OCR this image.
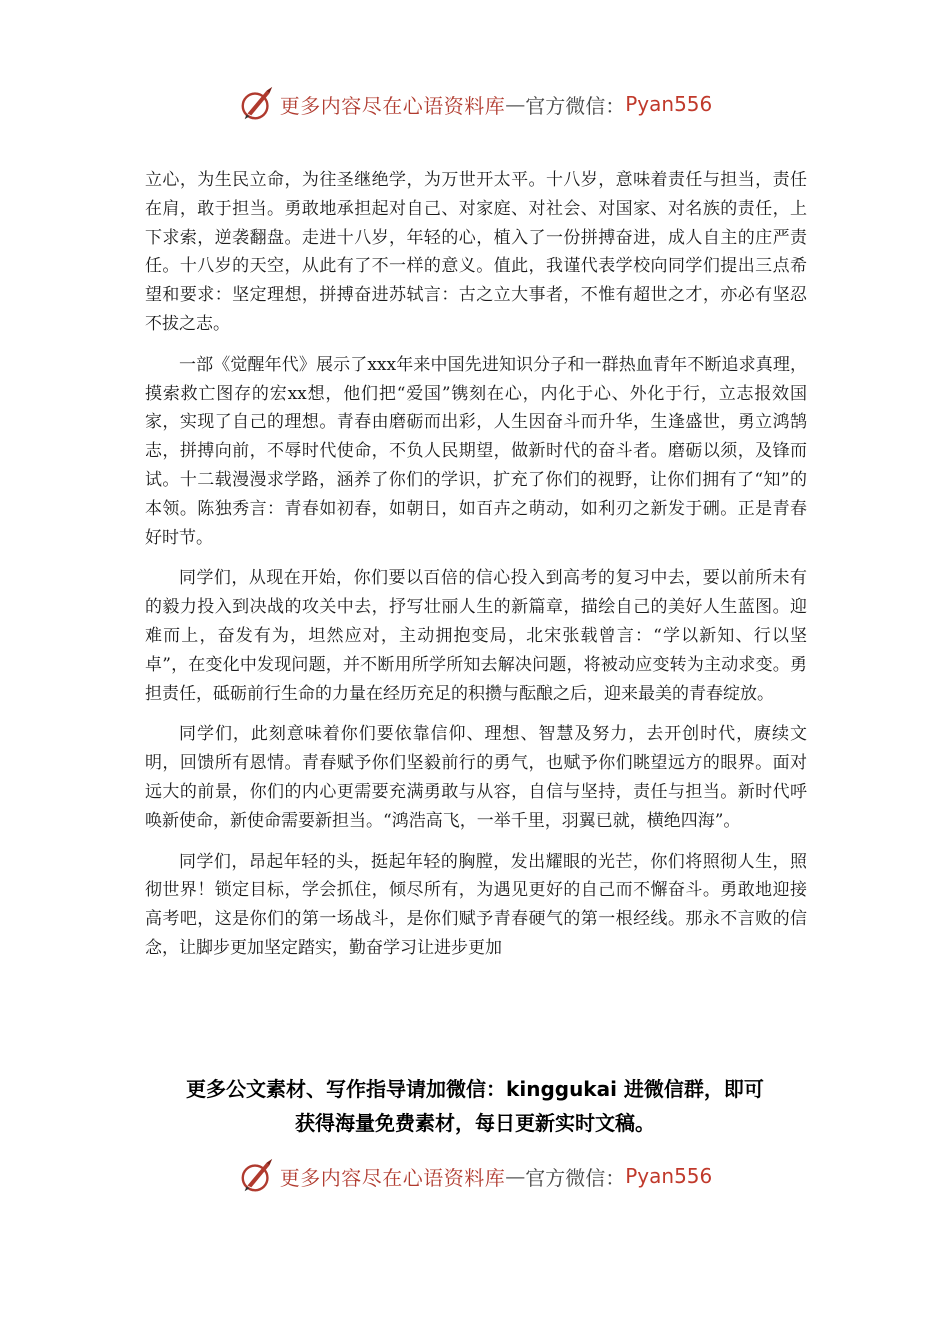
更多内容尽在心语资料库 — 官方微信： Pyan556

立心，为生民立命，为往圣继绝学，为万世开太平。十八岁，意味着责任与担当，责任在肩，敢于担当。勇敢地承担起对自己、对家庭、对社会、对国家、对名族的责任，上下求索，逆袭翻盘。走进十八岁，年轻的心，植入了一份拼搏奋进，成人自主的庄严责任。十八岁的天空，从此有了不一样的意义。值此，我谨代表学校向同学们提出三点希望和要求：坚定理想，拼搏奋进苏轼言：古之立大事者，不惟有超世之才，亦必有坚忍不拔之志。

一部《觉醒年代》展示了xxx年来中国先进知识分子和一群热血青年不断追求真理，摸索救亡图存的宏xx想，他们把“爱国”镌刻在心，内化于心、外化于行，立志报效国家，实现了自己的理想。青春由磨砺而出彩，人生因奋斗而升华，生逢盛世，勇立鸿鹄志，拼搏向前，不辱时代使命，不负人民期望，做新时代的奋斗者。磨砺以须，及锋而试。十二载漫漫求学路，涵养了你们的学识，扩充了你们的视野，让你们拥有了“知”的本领。陈独秀言：青春如初春，如朝日，如百卉之萌动，如利刃之新发于硎。正是青春好时节。

同学们，从现在开始，你们要以百倍的信心投入到高考的复习中去，要以前所未有的毅力投入到决战的攻关中去，抒写壮丽人生的新篇章，描绘自己的美好人生蓝图。迎难而上，奋发有为，坦然应对，主动拥抱变局，北宋张载曾言：“学以新知、行以坚卓”，在变化中发现问题，并不断用所学所知去解决问题，将被动应变转为主动求变。勇担责任，砥砺前行生命的力量在经历充足的积攒与酝酿之后，迎来最美的青春绽放。

同学们，此刻意味着你们要依靠信仰、理想、智慧及努力，去开创时代，赓续文明，回馈所有恩情。青春赋予你们坚毅前行的勇气，也赋予你们眺望远方的眼界。面对远大的前景，你们的内心更需要充满勇敢与从容，自信与坚持，责任与担当。新时代呼唤新使命，新使命需要新担当。“鸿浩高飞，一举千里，羽翼已就，横绝四海”。

同学们，昂起年轻的头，挺起年轻的胸膛，发出耀眼的光芒，你们将照彻人生，照彻世界！锁定目标，学会抓住，倾尽所有，为遇见更好的自己而不懈奋斗。勇敢地迎接高考吧，这是你们的第一场战斗，是你们赋予青春硬气的第一根经线。那永不言败的信念，让脚步更加坚定踏实，勤奋学习让进步更加

更多公文素材、写作指导请加微信：kinggukai 进微信群，即可
获得海量免费素材，每日更新实时文稿。
更多内容尽在心语资料库 — 官方微信： Pyan556
